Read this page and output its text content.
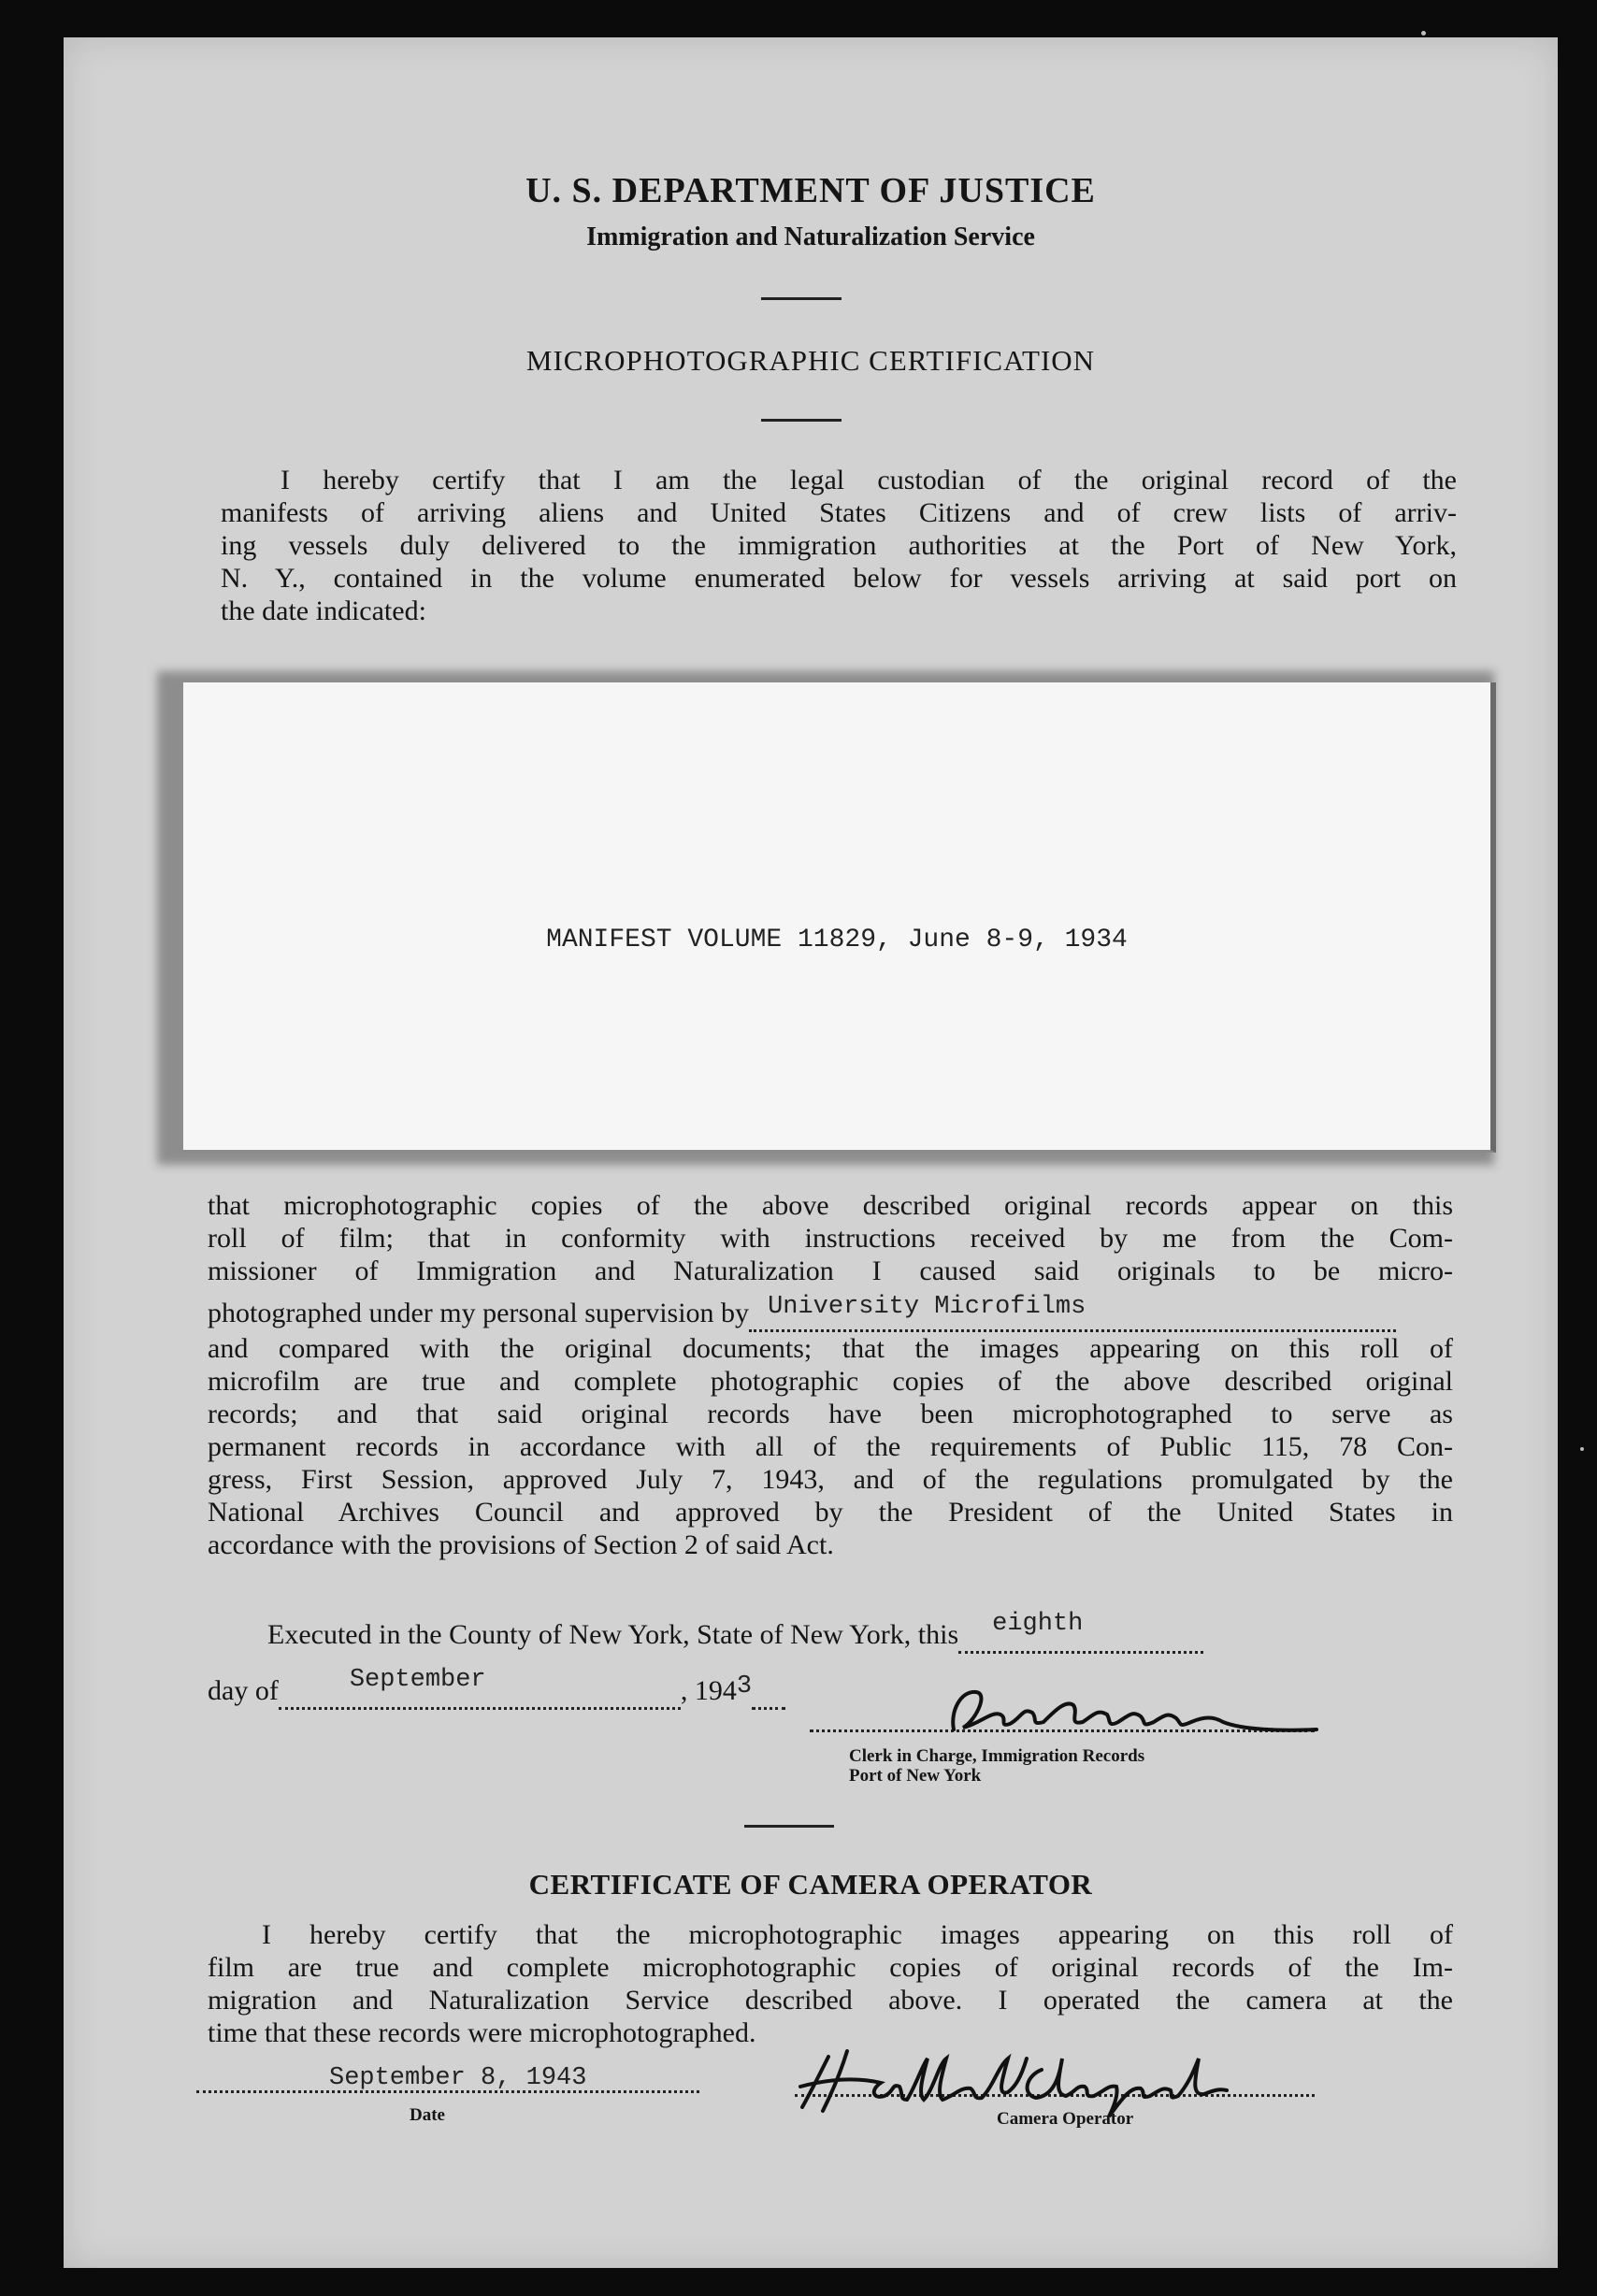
U. S. DEPARTMENT OF JUSTICE
Immigration and Naturalization Service
MICROPHOTOGRAPHIC CERTIFICATION
I hereby certify that I am the legal custodian of the original record of the
manifests of arriving aliens and United States Citizens and of crew lists of arriv-
ing vessels duly delivered to the immigration authorities at the Port of New York,
N. Y., contained in the volume enumerated below for vessels arriving at said port on
the date indicated:
MANIFEST VOLUME 11829, June 8-9, 1934
that microphotographic copies of the above described original records appear on this
roll of film; that in conformity with instructions received by me from the Com-
missioner of Immigration and Naturalization I caused said originals to be micro-
photographed under my personal supervision by University Microfilms

and compared with the original documents; that the images appearing on this roll of
microfilm are true and complete photographic copies of the above described original
records; and that said original records have been microphotographed to serve as
permanent records in accordance with all of the requirements of Public 115, 78 Con-
gress, First Session, approved July 7, 1943, and of the regulations promulgated by the
National Archives Council and approved by the President of the United States in
accordance with the provisions of Section 2 of said Act.
Executed in the County of New York, State of New York, this eighth

day of	September	, 1943
Clerk in Charge, Immigration Records
Port of New York
CERTIFICATE OF CAMERA OPERATOR
I hereby certify that the microphotographic images appearing on this roll of
film are true and complete microphotographic copies of original records of the Im-
migration and Naturalization Service described above. I operated the camera at the
time that these records were microphotographed.
September 8, 1943
Date	Camera Operator
